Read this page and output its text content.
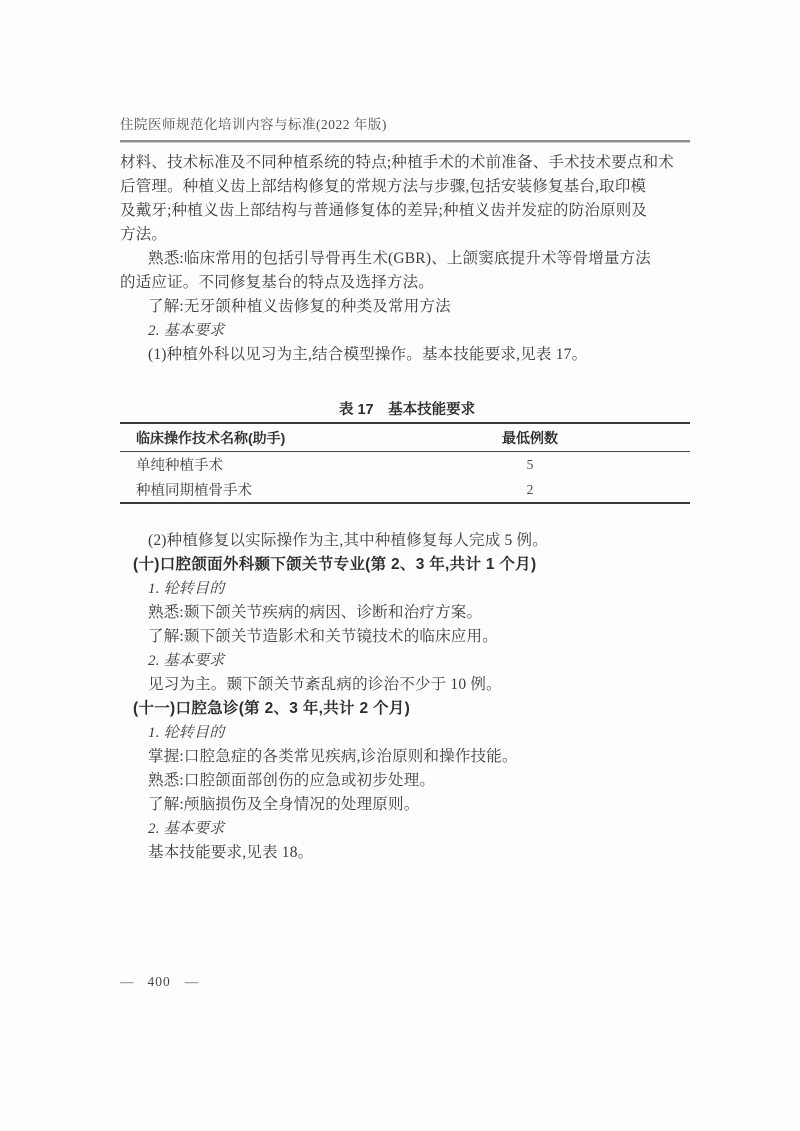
住院医师规范化培训内容与标准(2022 年版)
材料、技术标准及不同种植系统的特点;种植手术的术前准备、手术技术要点和术
后管理。种植义齿上部结构修复的常规方法与步骤,包括安装修复基台,取印模
及戴牙;种植义齿上部结构与普通修复体的差异;种植义齿并发症的防治原则及
方法。
熟悉:临床常用的包括引导骨再生术(GBR)、上颌窦底提升术等骨增量方法
的适应证。不同修复基台的特点及选择方法。
了解:无牙颌种植义齿修复的种类及常用方法
2. 基本要求
(1)种植外科以见习为主,结合模型操作。基本技能要求,见表 17。
表 17　基本技能要求
临床操作技术名称(助手)	最低例数
单纯种植手术	5
种植同期植骨手术	2
(2)种植修复以实际操作为主,其中种植修复每人完成 5 例。
(十)口腔颌面外科颞下颌关节专业(第 2、3 年,共计 1 个月)
1. 轮转目的
熟悉:颞下颌关节疾病的病因、诊断和治疗方案。
了解:颞下颌关节造影术和关节镜技术的临床应用。
2. 基本要求
见习为主。颞下颌关节紊乱病的诊治不少于 10 例。
(十一)口腔急诊(第 2、3 年,共计 2 个月)
1. 轮转目的
掌握:口腔急症的各类常见疾病,诊治原则和操作技能。
熟悉:口腔颌面部创伤的应急或初步处理。
了解:颅脑损伤及全身情况的处理原则。
2. 基本要求
基本技能要求,见表 18。
— 400 —
